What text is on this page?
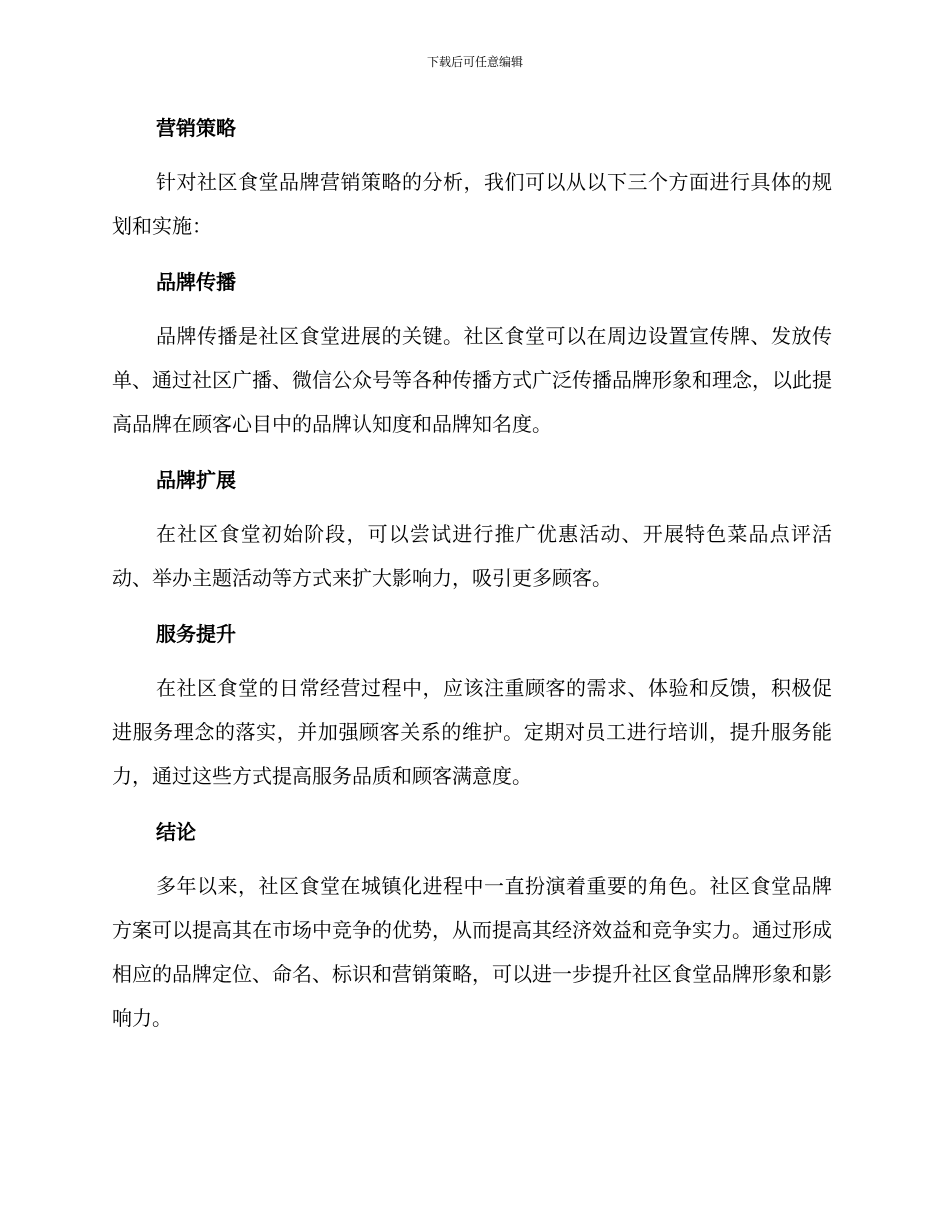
下载后可任意编辑
营销策略

针对社区食堂品牌营销策略的分析，我们可以从以下三个方面进行具体的规划和实施：

品牌传播

品牌传播是社区食堂进展的关键。社区食堂可以在周边设置宣传牌、发放传单、通过社区广播、微信公众号等各种传播方式广泛传播品牌形象和理念，以此提高品牌在顾客心目中的品牌认知度和品牌知名度。

品牌扩展

在社区食堂初始阶段，可以尝试进行推广优惠活动、开展特色菜品点评活动、举办主题活动等方式来扩大影响力，吸引更多顾客。

服务提升

在社区食堂的日常经营过程中，应该注重顾客的需求、体验和反馈，积极促进服务理念的落实，并加强顾客关系的维护。定期对员工进行培训，提升服务能力，通过这些方式提高服务品质和顾客满意度。

结论

多年以来，社区食堂在城镇化进程中一直扮演着重要的角色。社区食堂品牌方案可以提高其在市场中竞争的优势，从而提高其经济效益和竞争实力。通过形成相应的品牌定位、命名、标识和营销策略，可以进一步提升社区食堂品牌形象和影响力。
